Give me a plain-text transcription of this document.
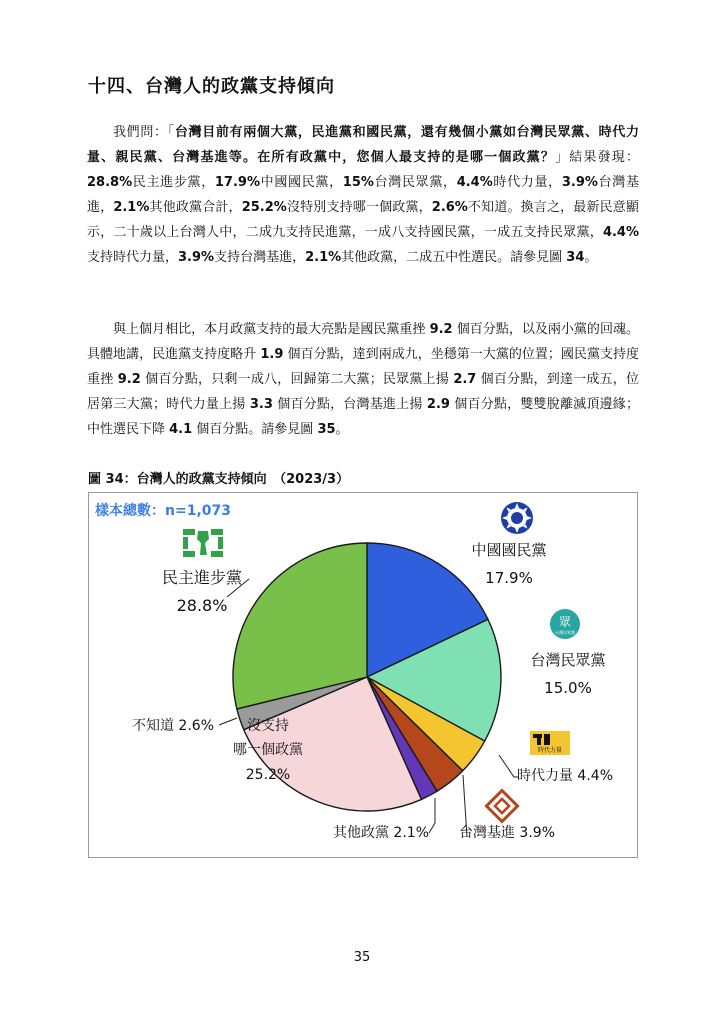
十四、台灣人的政黨支持傾向

我們問：「台灣目前有兩個大黨，民進黨和國民黨，還有幾個小黨如台灣民眾黨、時代力量、親民黨、台灣基進等。在所有政黨中，您個人最支持的是哪一個政黨？」結果發現：28.8%民主進步黨，17.9%中國國民黨，15%台灣民眾黨，4.4%時代力量，3.9%台灣基進，2.1%其他政黨合計，25.2%沒特別支持哪一個政黨，2.6%不知道。換言之，最新民意顯示，二十歲以上台灣人中，二成九支持民進黨，一成八支持國民黨，一成五支持民眾黨，4.4%支持時代力量，3.9%支持台灣基進，2.1%其他政黨，二成五中性選民。請參見圖 34。

與上個月相比，本月政黨支持的最大亮點是國民黨重挫 9.2 個百分點，以及兩小黨的回魂。具體地講，民進黨支持度略升 1.9 個百分點，達到兩成九，坐穩第一大黨的位置；國民黨支持度重挫 9.2 個百分點，只剩一成八，回歸第二大黨；民眾黨上揚 2.7 個百分點，到達一成五，位居第三大黨；時代力量上揚 3.3 個百分點，台灣基進上揚 2.9 個百分點，雙雙脫離滅頂邊緣；中性選民下降 4.1 個百分點。請參見圖 35。

圖 34：台灣人的政黨支持傾向　（2023/3）
樣本總數：n=1,073
眾
台灣民眾黨
時代力量
中國國民黨
17.9%
台灣民眾黨
15.0%
時代力量 4.4%
台灣基進 3.9%
其他政黨 2.1%
沒支持
哪一個政黨
25.2%
不知道 2.6%
民主進步黨
28.8%
35
